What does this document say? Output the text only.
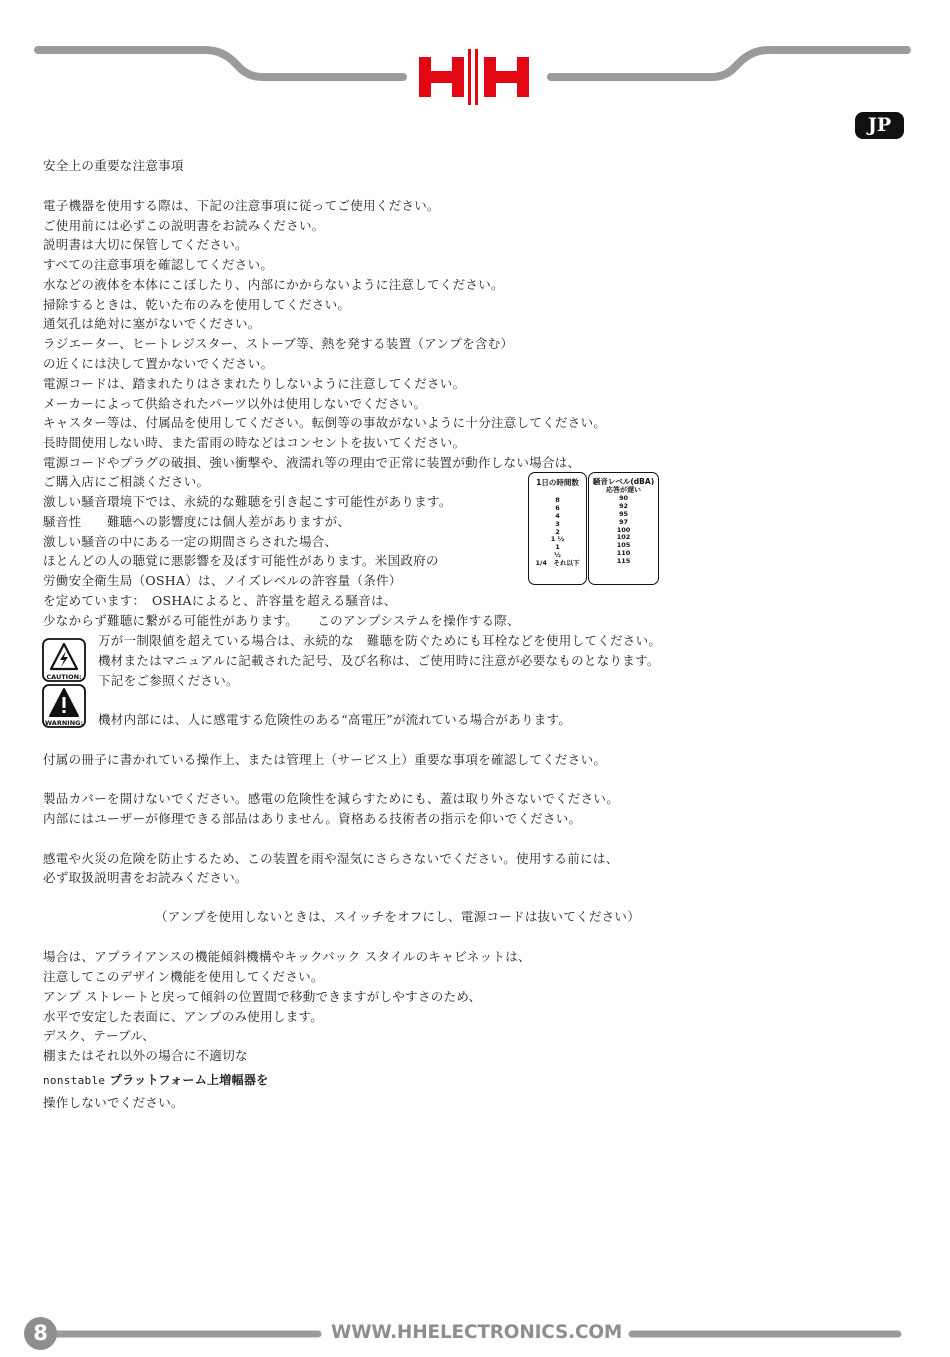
JP
安全上の重要な注意事項
電子機器を使用する際は、下記の注意事項に従ってご使用ください。
ご使用前には必ずこの説明書をお読みください。
説明書は大切に保管してください。
すべての注意事項を確認してください。
水などの液体を本体にこぼしたり、内部にかからないように注意してください。
掃除するときは、乾いた布のみを使用してください。
通気孔は絶対に塞がないでください。
ラジエーター、ヒートレジスター、ストーブ等、熱を発する装置（アンプを含む）
の近くには決して置かないでください。
電源コードは、踏まれたりはさまれたりしないように注意してください。
メーカーによって供給されたパーツ以外は使用しないでください。
キャスター等は、付属品を使用してください。転倒等の事故がないように十分注意してください。
長時間使用しない時、また雷雨の時などはコンセントを抜いてください。
電源コードやプラグの破損、強い衝撃や、液濡れ等の理由で正常に装置が動作しない場合は、
ご購入店にご相談ください。
激しい騒音環境下では、永続的な難聴を引き起こす可能性があります。
騒音性　　難聴への影響度には個人差がありますが、
激しい騒音の中にある一定の期間さらされた場合、
ほとんどの人の聴覚に悪影響を及ぼす可能性があります。米国政府の
労働安全衛生局（OSHA）は、ノイズレベルの許容量（条件）
を定めています：　OSHAによると、許容量を超える騒音は、
少なからず難聴に繋がる可能性があります。　　このアンプシステムを操作する際、
1日の時間数
8
6
4
3
2
1 ½
1
½
1/4　それ以下
騒音レベル(dBA)
応答が遅い
90
92
95
97
100
102
105
110
115
CAUTION:
WARNING:
万が一制限値を超えている場合は、永続的な　難聴を防ぐためにも耳栓などを使用してください。
機材またはマニュアルに記載された記号、及び名称は、ご使用時に注意が必要なものとなります。
下記をご参照ください。
機材内部には、人に感電する危険性のある“高電圧”が流れている場合があります。
付属の冊子に書かれている操作上、または管理上（サービス上）重要な事項を確認してください。
製品カバーを開けないでください。感電の危険性を減らすためにも、蓋は取り外さないでください。
内部にはユーザーが修理できる部品はありません。資格ある技術者の指示を仰いでください。
感電や火災の危険を防止するため、この装置を雨や湿気にさらさないでください。使用する前には、
必ず取扱説明書をお読みください。
（アンプを使用しないときは、スイッチをオフにし、電源コードは抜いてください）
場合は、アプライアンスの機能傾斜機構やキックバック スタイルのキャビネットは、
注意してこのデザイン機能を使用してください。
アンプ ストレートと戻って傾斜の位置間で移動できますがしやすさのため、
水平で安定した表面に、アンプのみ使用します。
デスク、テーブル、
棚またはそれ以外の場合に不適切な
nonstable プラットフォーム上増幅器を
操作しないでください。
8	WWW.HHELECTRONICS.COM
